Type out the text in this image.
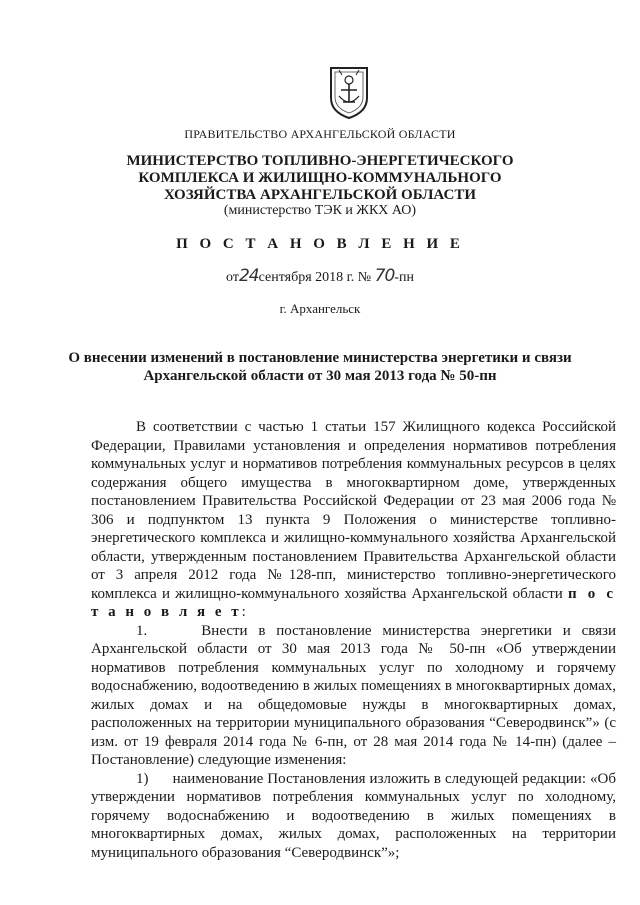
ПРАВИТЕЛЬСТВО АРХАНГЕЛЬСКОЙ ОБЛАСТИ
МИНИСТЕРСТВО ТОПЛИВНО-ЭНЕРГЕТИЧЕСКОГО
КОМПЛЕКСА И ЖИЛИЩНО-КОММУНАЛЬНОГО
ХОЗЯЙСТВА АРХАНГЕЛЬСКОЙ ОБЛАСТИ
(министерство ТЭК и ЖКХ АО)
П О С Т А Н О В Л Е Н И Е
от24сентября 2018 г. № 70-пн
г. Архангельск
О внесении изменений в постановление министерства энергетики и связи
Архангельской области от 30 мая 2013 года № 50-пн

В соответствии с частью 1 статьи 157 Жилищного кодекса Российской Федерации, Правилами установления и определения нормативов потребления коммунальных услуг и нормативов потребления коммунальных ресурсов в целях содержания общего имущества в многоквартирном доме, утвержденных постановлением Правительства Российской Федерации от 23 мая 2006 года № 306 и подпунктом 13 пункта 9 Положения о министерстве топливно-энергетического комплекса и жилищно-коммунального хозяйства Архангельской области, утвержденным постановлением Правительства Архангельской области от 3 апреля 2012 года №128-пп, министерство топливно-энергетического комплекса и жилищно-коммунального хозяйства Архангельской области п о с т а н о в л я е т:

1.     Внести в постановление министерства энергетики и связи Архангельской области от 30 мая 2013 года № 50-пн «Об утверждении нормативов потребления коммунальных услуг по холодному и горячему водоснабжению, водоотведению в жилых помещениях в многоквартирных домах, жилых домах и на общедомовые нужды в многоквартирных домах, расположенных на территории муниципального образования “Северодвинск”» (с изм. от 19 февраля 2014 года № 6-пн, от 28 мая 2014 года № 14-пн) (далее – Постановление) следующие изменения:

1)      наименование Постановления изложить в следующей редакции: «Об утверждении нормативов потребления коммунальных услуг по холодному, горячему водоснабжению и водоотведению в жилых помещениях в многоквартирных домах, жилых домах, расположенных на территории муниципального образования “Северодвинск”»;
